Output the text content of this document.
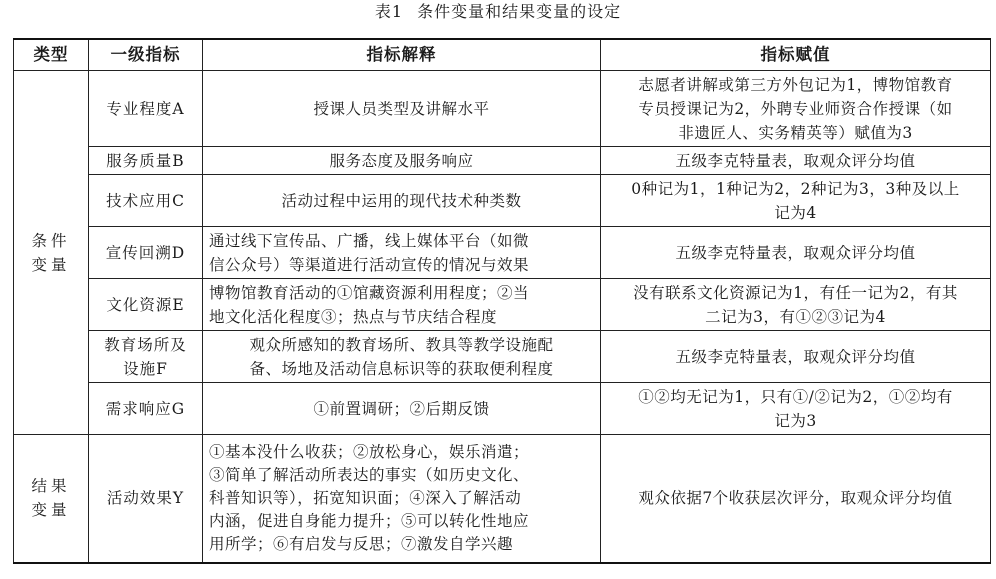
表1 条件变量和结果变量的设定
类型	一级指标	指标解释	指标赋值

条件
变量	专业程度A	授课人员类型及讲解水平	志愿者讲解或第三方外包记为1，博物馆教育
专员授课记为2，外聘专业师资合作授课（如
非遗匠人、实务精英等）赋值为3

	服务质量B	服务态度及服务响应	五级李克特量表，取观众评分均值

	技术应用C	活动过程中运用的现代技术种类数	0种记为1，1种记为2，2种记为3，3种及以上
记为4

	宣传回溯D	通过线下宣传品、广播，线上媒体平台（如微
信公众号）等渠道进行活动宣传的情况与效果	五级李克特量表，取观众评分均值

	文化资源E	博物馆教育活动的①馆藏资源利用程度；②当
地文化活化程度③；热点与节庆结合程度	没有联系文化资源记为1，有任一记为2，有其
二记为3，有①②③记为4

	教育场所及
设施F	观众所感知的教育场所、教具等教学设施配
备、场地及活动信息标识等的获取便利程度	五级李克特量表，取观众评分均值

	需求响应G	①前置调研；②后期反馈	①②均无记为1，只有①/②记为2，①②均有
记为3

结果
变量	活动效果Y	①基本没什么收获；②放松身心，娱乐消遣；
③简单了解活动所表达的事实（如历史文化、
科普知识等），拓宽知识面；④深入了解活动
内涵，促进自身能力提升；⑤可以转化性地应
用所学；⑥有启发与反思；⑦激发自学兴趣	观众依据7个收获层次评分，取观众评分均值
